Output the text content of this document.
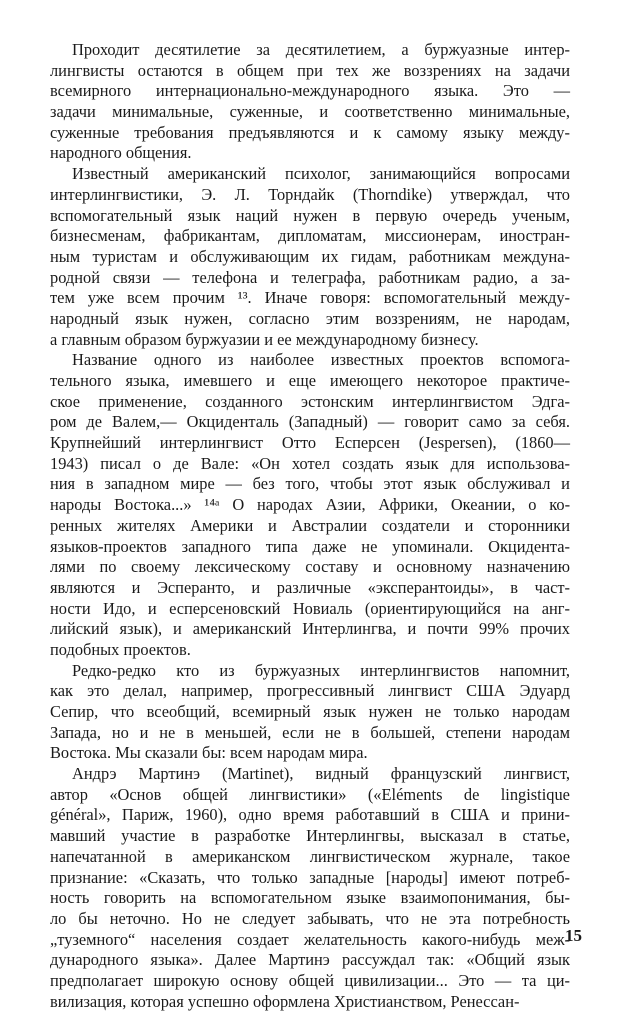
Проходит десятилетие за десятилетием, а буржуазные интер-
лингвисты остаются в общем при тех же воззрениях на задачи
всемирного интернационально-международного языка. Это —
задачи минимальные, суженные, и соответственно минимальные,
суженные требования предъявляются и к самому языку между-
народного общения.
Известный американский психолог, занимающийся вопросами
интерлингвистики, Э. Л. Торндайк (Thorndike) утверждал, что
вспомогательный язык наций нужен в первую очередь ученым,
бизнесменам, фабрикантам, дипломатам, миссионерам, иностран-
ным туристам и обслуживающим их гидам, работникам междуна-
родной связи — телефона и телеграфа, работникам радио, а за-
тем уже всем прочим ¹³. Иначе говоря: вспомогательный между-
народный язык нужен, согласно этим воззрениям, не народам,
а главным образом буржуазии и ее международному бизнесу.
Название одного из наиболее известных проектов вспомога-
тельного языка, имевшего и еще имеющего некоторое практиче-
ское применение, созданного эстонским интерлингвистом Эдга-
ром де Валем,— Окциденталь (Западный) — говорит само за себя.
Крупнейший интерлингвист Отто Есперсен (Jespersen), (1860—
1943) писал о де Вале: «Он хотел создать язык для использова-
ния в западном мире — без того, чтобы этот язык обслуживал и
народы Востока...» ¹⁴ᵃ О народах Азии, Африки, Океании, о ко-
ренных жителях Америки и Австралии создатели и сторонники
языков-проектов западного типа даже не упоминали. Окцидента-
лями по своему лексическому составу и основному назначению
являются и Эсперанто, и различные «эксперантоиды», в част-
ности Идо, и есперсеновский Новиаль (ориентирующийся на анг-
лийский язык), и американский Интерлингва, и почти 99% прочих
подобных проектов.
Редко-редко кто из буржуазных интерлингвистов напомнит,
как это делал, например, прогрессивный лингвист США Эдуард
Сепир, что всеобщий, всемирный язык нужен не только народам
Запада, но и не в меньшей, если не в большей, степени народам
Востока. Мы сказали бы: всем народам мира.
Андрэ Мартинэ (Martinet), видный французский лингвист,
автор «Основ общей лингвистики» («Eléments de lingistique
général», Париж, 1960), одно время работавший в США и прини-
мавший участие в разработке Интерлингвы, высказал в статье,
напечатанной в американском лингвистическом журнале, такое
признание: «Сказать, что только западные [народы] имеют потреб-
ность говорить на вспомогательном языке взаимопонимания, бы-
ло бы неточно. Но не следует забывать, что не эта потребность
„туземного“ населения создает желательность какого-нибудь меж-
дународного языка». Далее Мартинэ рассуждал так: «Общий язык
предполагает широкую основу общей цивилизации... Это — та ци-
вилизация, которая успешно оформлена Христианством, Ренессан-
15
